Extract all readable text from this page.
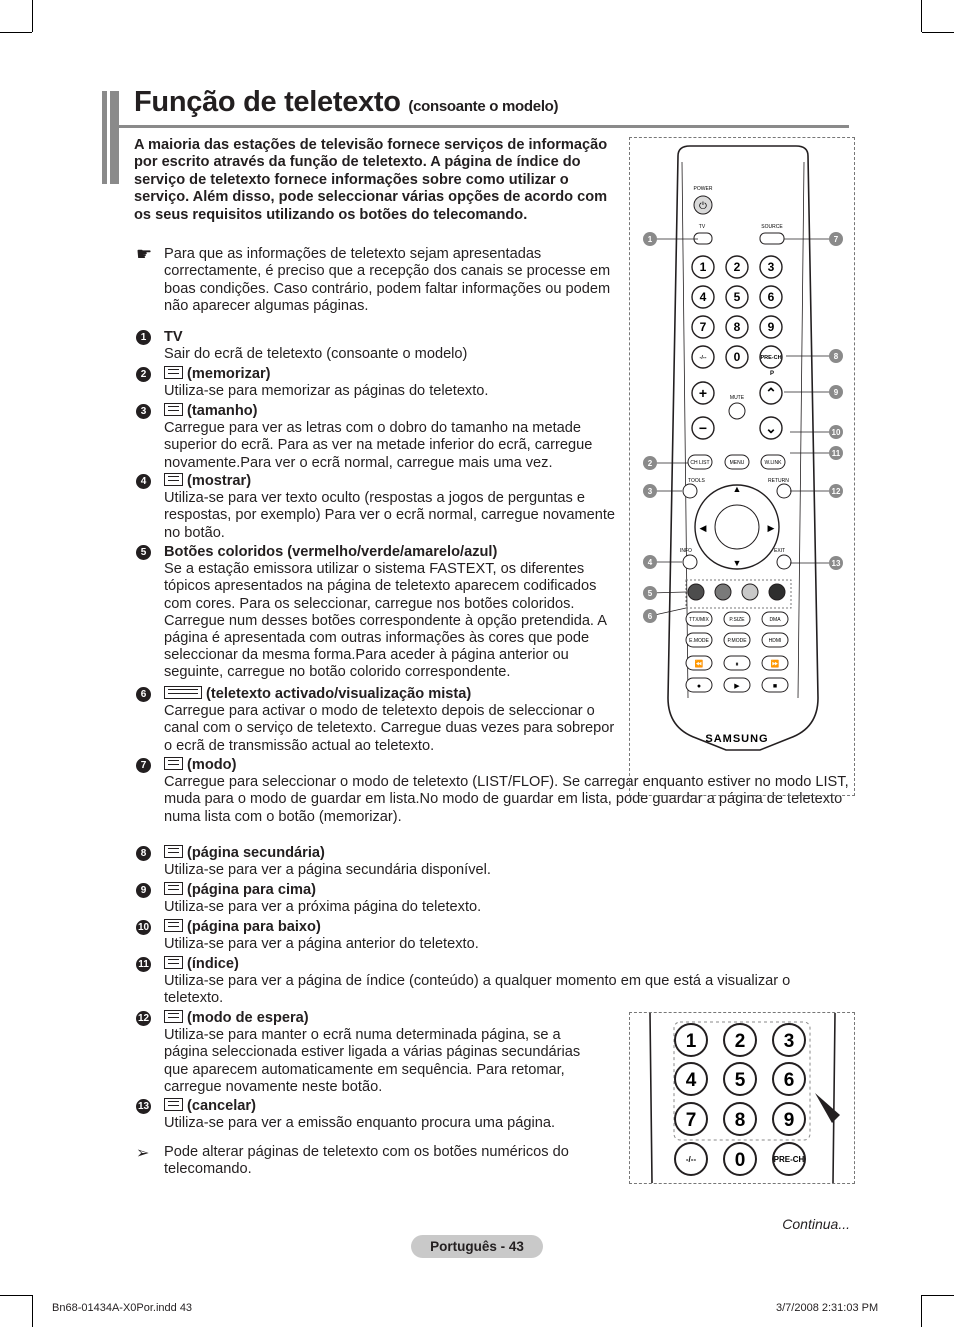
Função de teletexto (consoante o modelo)
A maioria das estações de televisão fornece serviços de informação por escrito através da função de teletexto. A página de índice do serviço de teletexto fornece informações sobre como utilizar o serviço. Além disso, pode seleccionar várias opções de acordo com os seus requisitos utilizando os botões do telecomando.
☛ Para que as informações de teletexto sejam apresentadas correctamente, é preciso que a recepção dos canais se processe em boas condições. Caso contrário, podem faltar informações ou podem não aparecer algumas páginas.
1	TV
Sair do ecrã de teletexto (consoante o modelo)
2	(memorizar)
Utiliza-se para memorizar as páginas do teletexto.
3	(tamanho)
Carregue para ver as letras com o dobro do tamanho na metade superior do ecrã. Para as ver na metade inferior do ecrã, carregue novamente.Para ver o ecrã normal, carregue mais uma vez.
4	(mostrar)
Utiliza-se para ver texto oculto (respostas a jogos de perguntas e respostas, por exemplo) Para ver o ecrã normal, carregue novamente no botão.
5	Botões coloridos (vermelho/verde/amarelo/azul)
Se a estação emissora utilizar o sistema FASTEXT, os diferentes tópicos apresentados na página de teletexto aparecem codificados com cores. Para os seleccionar, carregue nos botões coloridos. Carregue num desses botões correspondente à opção pretendida. A página é apresentada com outras informações às cores que pode seleccionar da mesma forma.Para aceder à página anterior ou seguinte, carregue no botão colorido correspondente.
6	(teletexto activado/visualização mista)
Carregue para activar o modo de teletexto depois de seleccionar o canal com o serviço de teletexto. Carregue duas vezes para sobrepor o ecrã de transmissão actual ao teletexto.
7	(modo)
Carregue para seleccionar o modo de teletexto (LIST/FLOF). Se carregar enquanto estiver no modo LIST, muda para o modo de guardar em lista.No modo de guardar em lista, pode guardar a página de teletexto numa lista com o botão (memorizar).
8	(página secundária)
Utiliza-se para ver a página secundária disponível.
9	(página para cima)
Utiliza-se para ver a próxima página do teletexto.
10	(página para baixo)
Utiliza-se para ver a página anterior do teletexto.
11	(índice)
Utiliza-se para ver a página de índice (conteúdo) a qualquer momento em que está a visualizar o teletexto.
12	(modo de espera)
Utiliza-se para manter o ecrã numa determinada página, se a página seleccionada estiver ligada a várias páginas secundárias que aparecem automaticamente em sequência. Para retomar, carregue novamente neste botão.
13	(cancelar)
Utiliza-se para ver a emissão enquanto procura uma página.
➢ Pode alterar páginas de teletexto com os botões numéricos do telecomando.
POWER
⏻
TV	SOURCE
1 2 3
4 5 6
7 8 9
-/-- 0	PRE-CH
P
+
−
⌃
⌄
MUTE
CH LIST	MENU	W.LINK
TOOLS	RETURN
▲
▼
◀	▶
INFO	EXIT
TTX/MIX	P.SIZE	DMA
E.MODE	P.MODE	HDMI
⏪	⏸	⏩
●	▶	■
SAMSUNG
1
2
3
4
5
6
7
8
9
10
11
12
13
1 2 3
4 5 6
7 8 9
-/-- 0	PRE-CH
Continua...
Português - 43
Bn68-01434A-X0Por.indd 43	3/7/2008 2:31:03 PM
